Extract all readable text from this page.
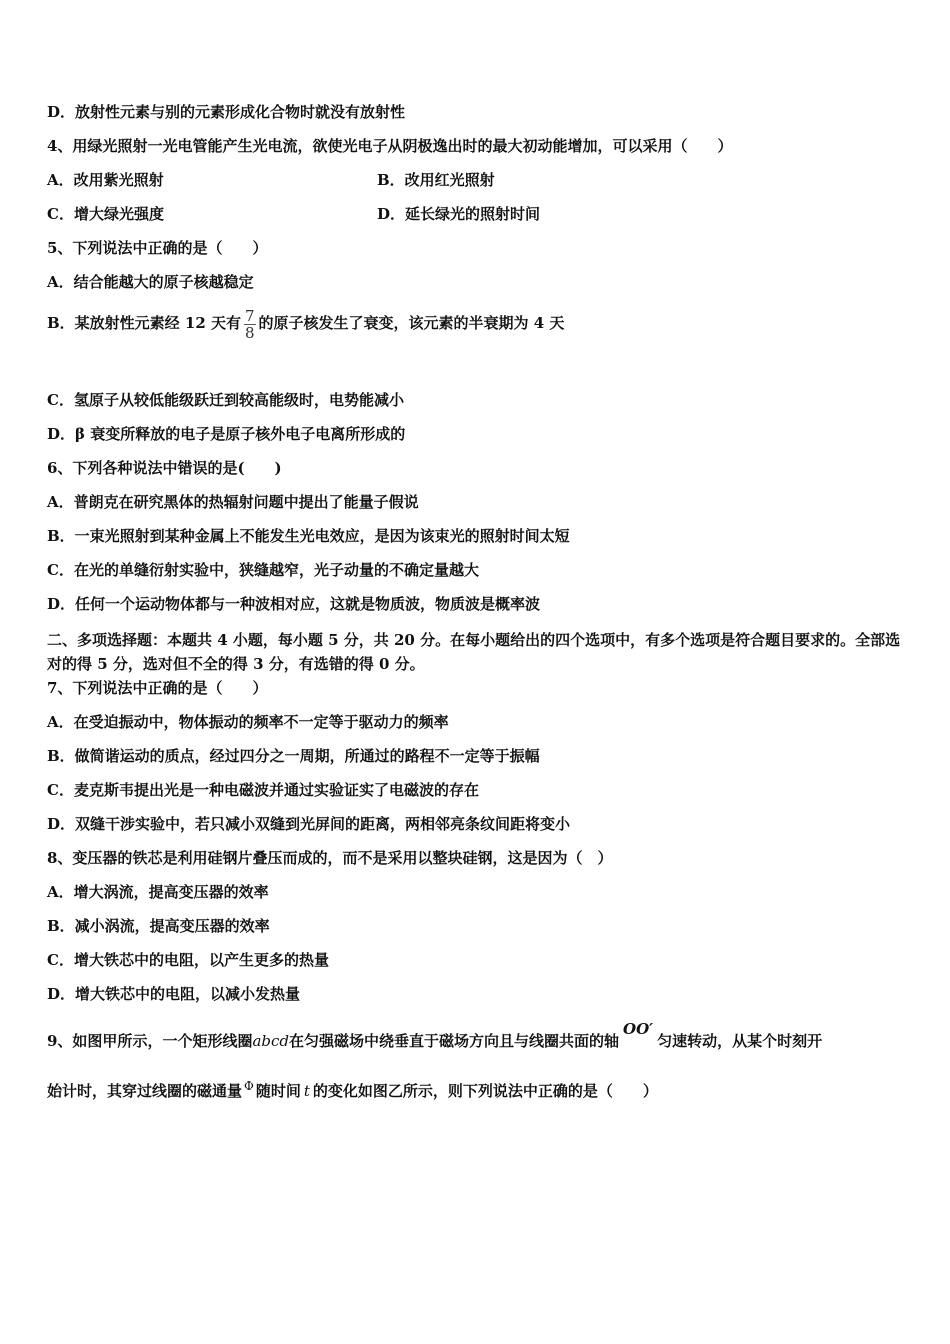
D．放射性元素与别的元素形成化合物时就没有放射性
4、用绿光照射一光电管能产生光电流，欲使光电子从阴极逸出时的最大初动能增加，可以采用（　　）
A．改用紫光照射	B．改用红光照射
C．增大绿光强度	D．延长绿光的照射时间
5、下列说法中正确的是（　　）
A．结合能越大的原子核越稳定
B．某放射性元素经 12 天有 $\frac{7}{8}$ 的原子核发生了衰变，该元素的半衰期为 4 天
C．氢原子从较低能级跃迁到较高能级时，电势能减小
D．β 衰变所释放的电子是原子核外电子电离所形成的
6、下列各种说法中错误的是(　　)
A．普朗克在研究黑体的热辐射问题中提出了能量子假说
B．一束光照射到某种金属上不能发生光电效应，是因为该束光的照射时间太短
C．在光的单缝衍射实验中，狭缝越窄，光子动量的不确定量越大
D．任何一个运动物体都与一种波相对应，这就是物质波，物质波是概率波
二、多项选择题：本题共 4 小题，每小题 5 分，共 20 分。在每小题给出的四个选项中，有多个选项是符合题目要求的。全部选对的得 5 分，选对但不全的得 3 分，有选错的得 0 分。
7、下列说法中正确的是（　　）
A．在受迫振动中，物体振动的频率不一定等于驱动力的频率
B．做简谐运动的质点，经过四分之一周期，所通过的路程不一定等于振幅
C．麦克斯韦提出光是一种电磁波并通过实验证实了电磁波的存在
D．双缝干涉实验中，若只减小双缝到光屏间的距离，两相邻亮条纹间距将变小
8、变压器的铁芯是利用硅钢片叠压而成的，而不是采用以整块硅钢，这是因为（　）
A．增大涡流，提高变压器的效率
B．减小涡流，提高变压器的效率
C．增大铁芯中的电阻，以产生更多的热量
D．增大铁芯中的电阻，以减小发热量
9、如图甲所示，一个矩形线圈abcd在匀强磁场中绕垂直于磁场方向且与线圈共面的轴OO′匀速转动，从某个时刻开
始计时，其穿过线圈的磁通量 $^\Phi$ 随时间 t 的变化如图乙所示，则下列说法中正确的是（　　）
